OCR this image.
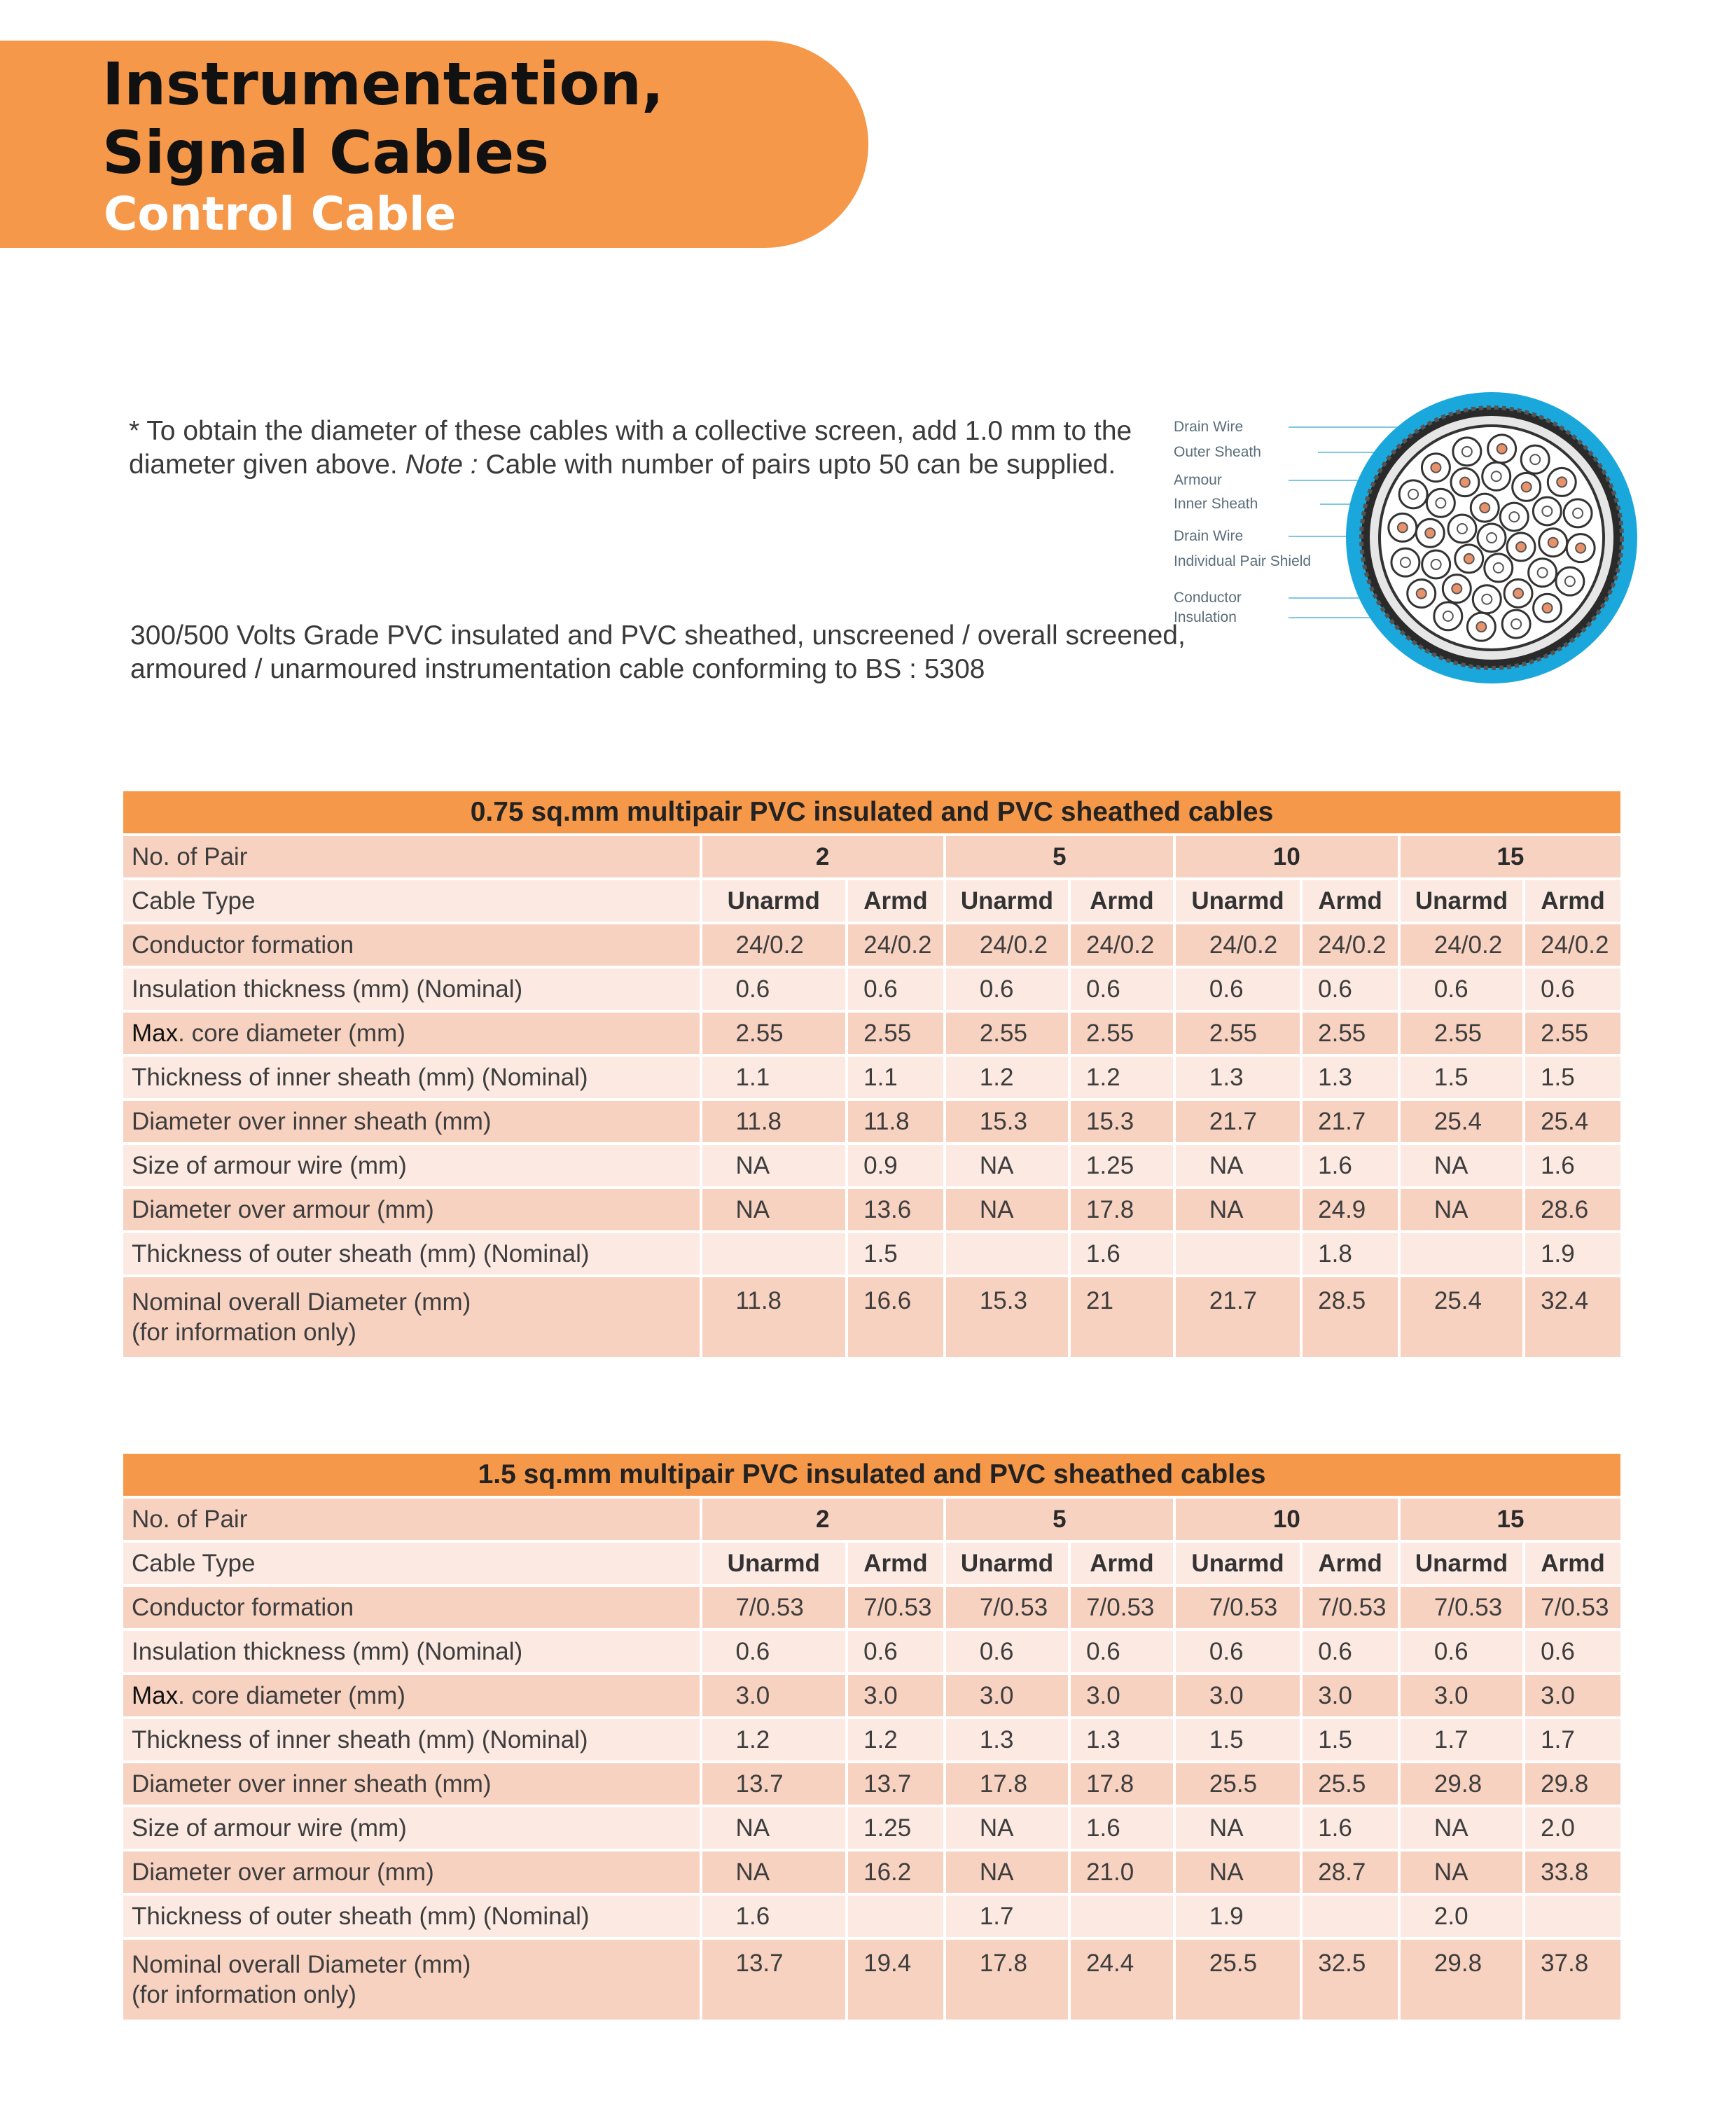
Instrumentation,
Signal Cables
Control Cable
* To obtain the diameter of these cables with a collective screen, add 1.0 mm to the diameter given above. Note : Cable with number of pairs upto 50 can be supplied.
300/500 Volts Grade PVC insulated and PVC sheathed, unscreened / overall screened, armoured / unarmoured instrumentation cable conforming to BS : 5308
Drain Wire
Outer Sheath
Armour
Inner Sheath
Drain Wire
Individual Pair Shield
Conductor
Insulation
0.75 sq.mm multipair PVC insulated and PVC sheathed cables								
No. of Pair	2		5		10		15	
Cable Type	Unarmd	Armd	Unarmd	Armd	Unarmd	Armd	Unarmd	Armd
Conductor formation	24/0.2	24/0.2	24/0.2	24/0.2	24/0.2	24/0.2	24/0.2	24/0.2
Insulation thickness (mm) (Nominal)	0.6	0.6	0.6	0.6	0.6	0.6	0.6	0.6
Max. core diameter (mm)	2.55	2.55	2.55	2.55	2.55	2.55	2.55	2.55
Thickness of inner sheath (mm) (Nominal)	1.1	1.1	1.2	1.2	1.3	1.3	1.5	1.5
Diameter over inner sheath (mm)	11.8	11.8	15.3	15.3	21.7	21.7	25.4	25.4
Size of armour wire (mm)	NA	0.9	NA	1.25	NA	1.6	NA	1.6
Diameter over armour (mm)	NA	13.6	NA	17.8	NA	24.9	NA	28.6
Thickness of outer sheath (mm) (Nominal)		1.5		1.6		1.8		1.9

Nominal overall Diameter (mm)
(for information only)	11.8	16.6	15.3	21	21.7	28.5	25.4	32.4
1.5 sq.mm multipair PVC insulated and PVC sheathed cables								
No. of Pair	2		5		10		15	
Cable Type	Unarmd	Armd	Unarmd	Armd	Unarmd	Armd	Unarmd	Armd
Conductor formation	7/0.53	7/0.53	7/0.53	7/0.53	7/0.53	7/0.53	7/0.53	7/0.53
Insulation thickness (mm) (Nominal)	0.6	0.6	0.6	0.6	0.6	0.6	0.6	0.6
Max. core diameter (mm)	3.0	3.0	3.0	3.0	3.0	3.0	3.0	3.0
Thickness of inner sheath (mm) (Nominal)	1.2	1.2	1.3	1.3	1.5	1.5	1.7	1.7
Diameter over inner sheath (mm)	13.7	13.7	17.8	17.8	25.5	25.5	29.8	29.8
Size of armour wire (mm)	NA	1.25	NA	1.6	NA	1.6	NA	2.0
Diameter over armour (mm)	NA	16.2	NA	21.0	NA	28.7	NA	33.8
Thickness of outer sheath (mm) (Nominal)	1.6		1.7		1.9		2.0	

Nominal overall Diameter (mm)
(for information only)	13.7	19.4	17.8	24.4	25.5	32.5	29.8	37.8
